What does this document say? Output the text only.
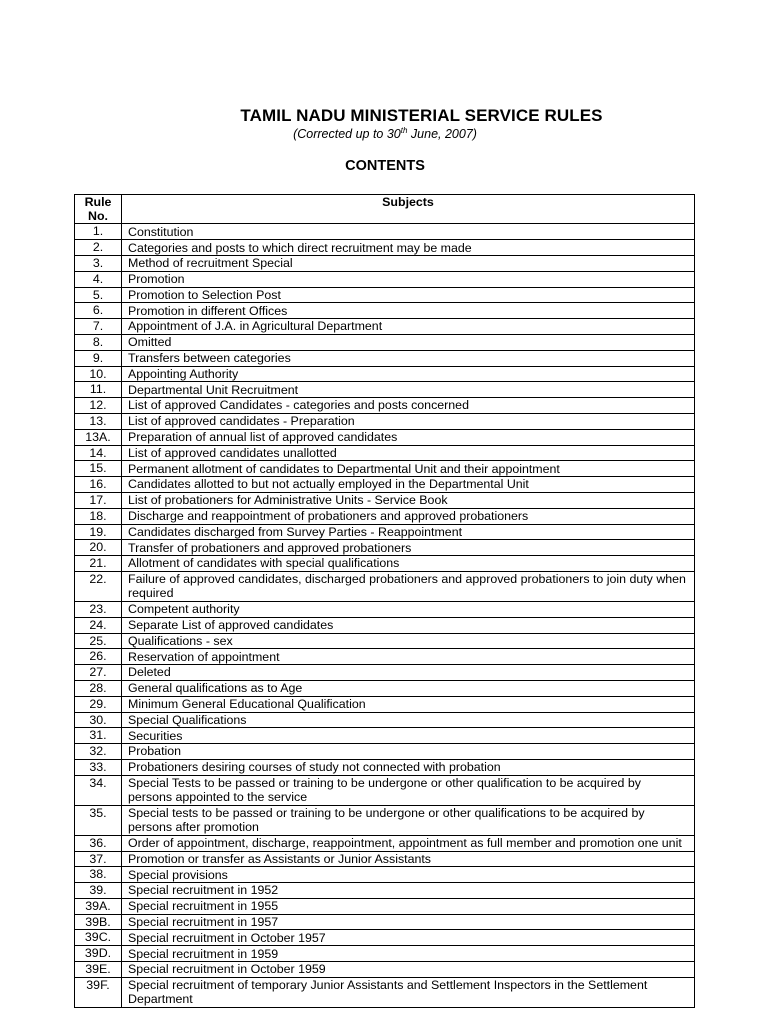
TAMIL NADU MINISTERIAL SERVICE RULES
(Corrected up to 30th June, 2007)
CONTENTS
Rule No.	Subjects
1.	Constitution
2.	Categories and posts to which direct recruitment may be made
3.	Method of recruitment Special
4.	Promotion
5.	Promotion to Selection Post
6.	Promotion in different Offices
7.	Appointment of J.A. in Agricultural Department
8.	Omitted
9.	Transfers between categories
10.	Appointing Authority
11.	Departmental Unit Recruitment
12.	List of approved Candidates - categories and posts concerned
13.	List of approved candidates - Preparation
13A.	Preparation of annual list of approved candidates
14.	List of approved candidates unallotted
15.	Permanent allotment of candidates to Departmental Unit and their appointment
16.	Candidates allotted to but not actually employed in the Departmental Unit
17.	List of probationers for Administrative Units - Service Book
18.	Discharge and reappointment of probationers and approved probationers
19.	Candidates discharged from Survey Parties - Reappointment
20.	Transfer of probationers and approved probationers
21.	Allotment of candidates with special qualifications
22.	Failure of approved candidates, discharged probationers and approved probationers to join duty when required
23.	Competent authority
24.	Separate List of approved candidates
25.	Qualifications - sex
26.	Reservation of appointment
27.	Deleted
28.	General qualifications as to Age
29.	Minimum General Educational Qualification
30.	Special Qualifications
31.	Securities
32.	Probation
33.	Probationers desiring courses of study not connected with probation
34.	Special Tests to be passed or training to be undergone or other qualification to be acquired by persons appointed to the service
35.	Special tests to be passed or training to be undergone or other qualifications to be acquired by persons after promotion
36.	Order of appointment, discharge, reappointment, appointment as full member and promotion one unit
37.	Promotion or transfer as Assistants or Junior Assistants
38.	Special provisions
39.	Special recruitment in 1952
39A.	Special recruitment in 1955
39B.	Special recruitment in 1957
39C.	Special recruitment in October 1957
39D.	Special recruitment in 1959
39E.	Special recruitment in October 1959
39F.	Special recruitment of temporary Junior Assistants and Settlement Inspectors in the Settlement Department
